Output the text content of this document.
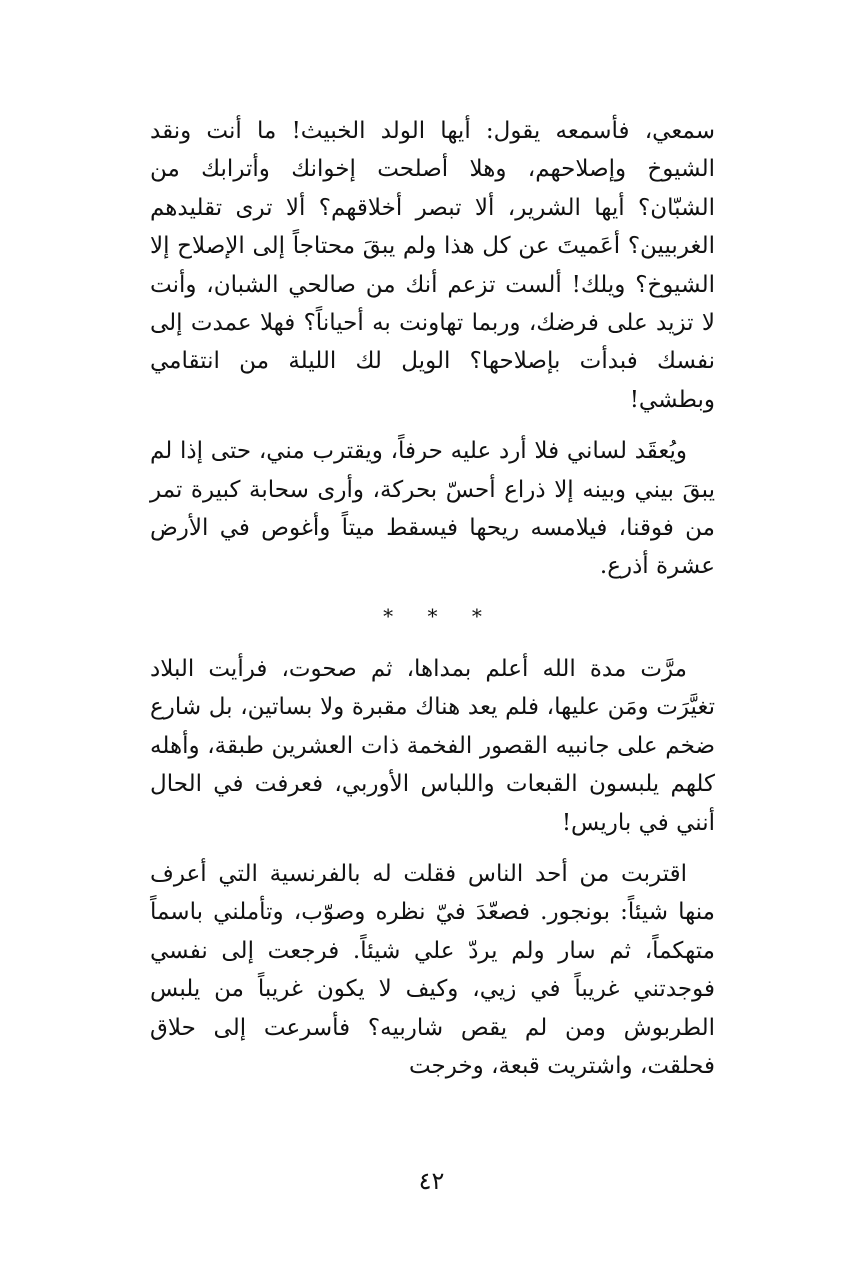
سمعي، فأسمعه يقول: أيها الولد الخبيث! ما أنت ونقد الشيوخ وإصلاحهم، وهلا أصلحت إخوانك وأترابك من الشبّان؟ أيها الشرير، ألا تبصر أخلاقهم؟ ألا ترى تقليدهم الغربيين؟ أعَميتَ عن كل هذا ولم يبقَ محتاجاً إلى الإصلاح إلا الشيوخ؟ ويلك! ألست تزعم أنك من صالحي الشبان، وأنت لا تزيد على فرضك، وربما تهاونت به أحياناً؟ فهلا عمدت إلى نفسك فبدأت بإصلاحها؟ الويل لك الليلة من انتقامي وبطشي!

ويُعقَد لساني فلا أرد عليه حرفاً، ويقترب مني، حتى إذا لم يبقَ بيني وبينه إلا ذراع أحسّ بحركة، وأرى سحابة كبيرة تمر من فوقنا، فيلامسه ريحها فيسقط ميتاً وأغوص في الأرض عشرة أذرع.

* * *

مرَّت مدة الله أعلم بمداها، ثم صحوت، فرأيت البلاد تغيَّرَت ومَن عليها، فلم يعد هناك مقبرة ولا بساتين، بل شارع ضخم على جانبيه القصور الفخمة ذات العشرين طبقة، وأهله كلهم يلبسون القبعات واللباس الأوربي، فعرفت في الحال أنني في باريس!

اقتربت من أحد الناس فقلت له بالفرنسية التي أعرف منها شيئاً: بونجور. فصعّدَ فيّ نظره وصوّب، وتأملني باسماً متهكماً، ثم سار ولم يردّ علي شيئاً. فرجعت إلى نفسي فوجدتني غريباً في زيي، وكيف لا يكون غريباً من يلبس الطربوش ومن لم يقص شاربيه؟ فأسرعت إلى حلاق فحلقت، واشتريت قبعة، وخرجت

٤٢
